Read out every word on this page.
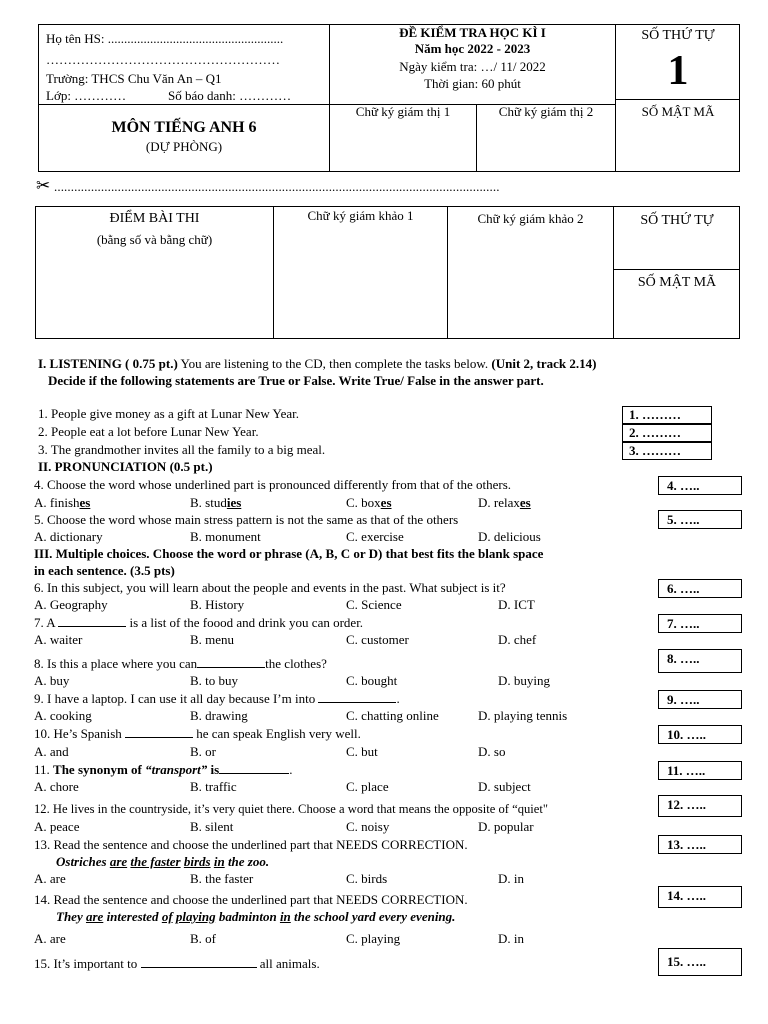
Họ tên HS: ......................................................
………………………………………………
Trường: THCS Chu Văn An – Q1
Lớp: …………	Số báo danh: …………
ĐỀ KIỂM TRA HỌC KÌ I
Năm học 2022 - 2023
Ngày kiểm tra: …/ 11/ 2022
Thời gian: 60 phút
SỐ THỨ TỰ
1
MÔN TIẾNG ANH 6
(DỰ PHÒNG)
Chữ ký giám thị 1	Chữ ký giám thị 2	SỐ MẬT MÃ
✂ .....................................................................................................................................
ĐIỂM BÀI THI
(bằng số và bằng chữ)
Chữ ký giám khảo 1	Chữ ký giám khảo 2	SỐ THỨ TỰ
SỐ MẬT MÃ
I. LISTENING ( 0.75 pt.) You are listening to the CD, then complete the tasks below. (Unit 2, track 2.14)
Decide if the following statements are True or False. Write True/ False in the answer part.
1. People give money as a gift at Lunar New Year.
2. People eat a lot before Lunar New Year.
3. The grandmother invites all the family to a big meal.
1. ………
2. ………
3. ………
II. PRONUNCIATION (0.5 pt.)
4. Choose the word whose underlined part is pronounced differently from that of the others.	4. …..
A. finishes	B. studies	C. boxes	D. relaxes
5. Choose the word whose main stress pattern is not the same as that of the others	5. …..
A. dictionary	B. monument	C. exercise	D. delicious
III. Multiple choices. Choose the word or phrase (A, B, C or D) that best fits the blank space
in each sentence. (3.5 pts)
6. In this subject, you will learn about the people and events in the past. What subject is it?	6. …..
A. Geography	B. History	C. Science	D. ICT
7. A	is a list of the foood and drink you can order.	7. …..
A. waiter	B. menu	C. customer	D. chef
8. Is this a place where you can	the clothes?	8. …..
A. buy	B. to buy	C. bought	D. buying
9. I have a laptop. I can use it all day because I’m into	.	9. …..
A. cooking	B. drawing	C. chatting online	D. playing tennis
10. He’s Spanish	he can speak English very well.	10. …..
A. and	B. or	C. but	D. so
11. The synonym of “transport” is	.	11. …..
A. chore	B. traffic	C. place	D. subject
12. He lives in the countryside, it’s very quiet there. Choose a word that means the opposite of “quiet"	12. …..
A. peace	B. silent	C. noisy	D. popular
13. Read the sentence and choose the underlined part that NEEDS CORRECTION.	13. …..
Ostriches are the faster birds in the zoo.
A. are	B. the faster	C. birds	D. in
14. Read the sentence and choose the underlined part that NEEDS CORRECTION.	14. …..
They are interested of playing badminton in the school yard every evening.
A. are	B. of	C. playing	D. in
15. It’s important to	all animals.	15. …..
